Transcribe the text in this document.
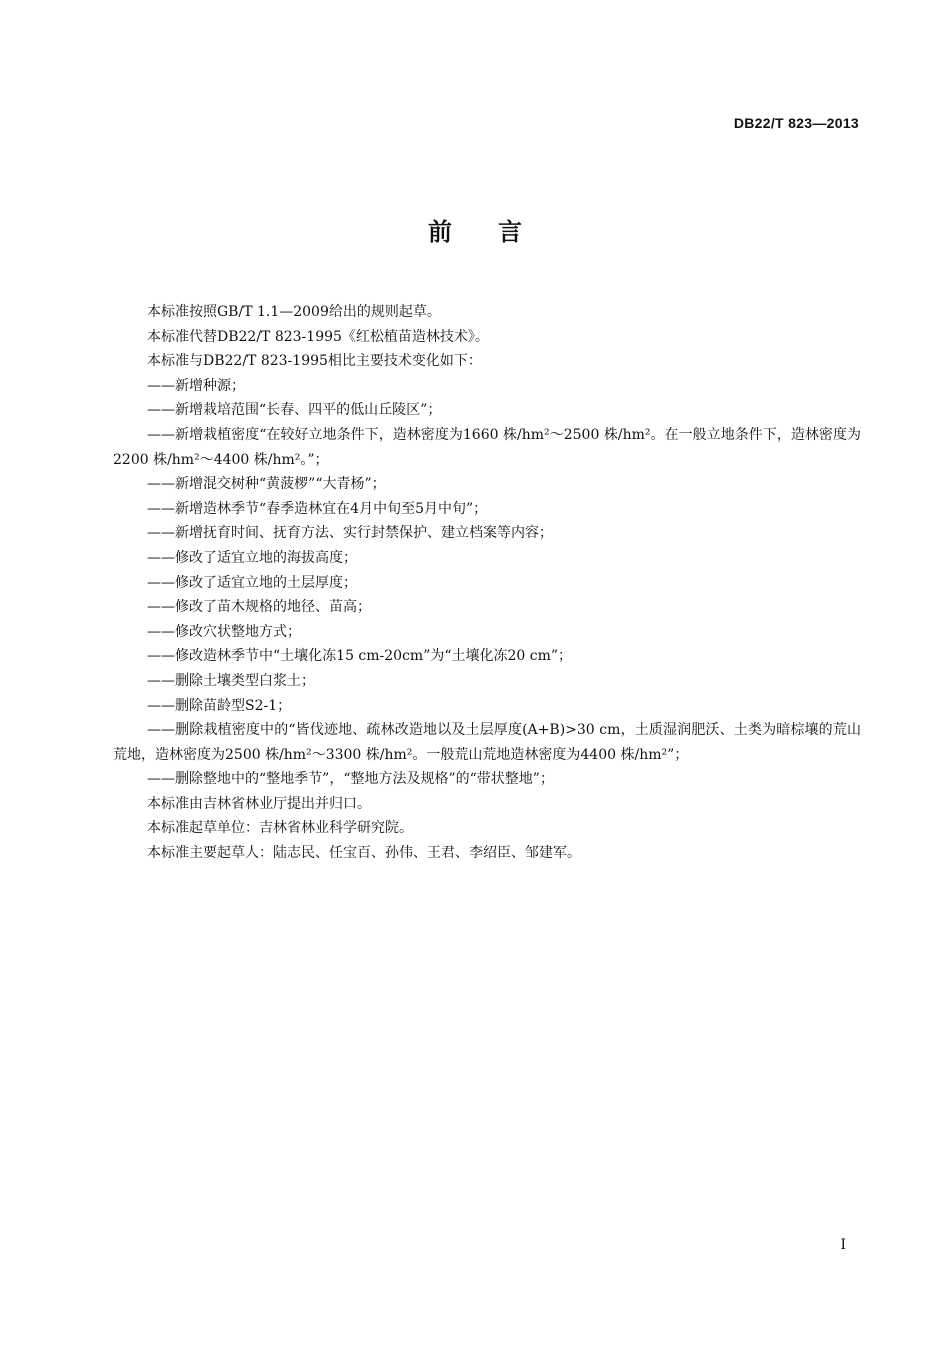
DB22/T 823—2013
前言

本标准按照GB/T 1.1—2009给出的规则起草。

本标准代替DB22/T 823-1995《红松植苗造林技术》。

本标准与DB22/T 823-1995相比主要技术变化如下：

——新增种源；

——新增栽培范围“长春、四平的低山丘陵区”；

——新增栽植密度“在较好立地条件下，造林密度为1660 株/hm²～2500 株/hm²。在一般立地条件下，造林密度为2200 株/hm²～4400 株/hm²。”；

——新增混交树种“黄菠椤”“大青杨”；

——新增造林季节“春季造林宜在4月中旬至5月中旬”；

——新增抚育时间、抚育方法、实行封禁保护、建立档案等内容；

——修改了适宜立地的海拔高度；

——修改了适宜立地的土层厚度；

——修改了苗木规格的地径、苗高；

——修改穴状整地方式；

——修改造林季节中“土壤化冻15 cm-20cm”为“土壤化冻20 cm”；

——删除土壤类型白浆土；

——删除苗龄型S2-1；

——删除栽植密度中的“皆伐迹地、疏林改造地以及土层厚度(A+B)>30 cm，土质湿润肥沃、土类为暗棕壤的荒山荒地，造林密度为2500 株/hm²～3300 株/hm²。一般荒山荒地造林密度为4400 株/hm²”；

——删除整地中的“整地季节”，“整地方法及规格”的“带状整地”；

本标准由吉林省林业厅提出并归口。

本标准起草单位：吉林省林业科学研究院。

本标准主要起草人：陆志民、任宝百、孙伟、王君、李绍臣、邹建军。

I
